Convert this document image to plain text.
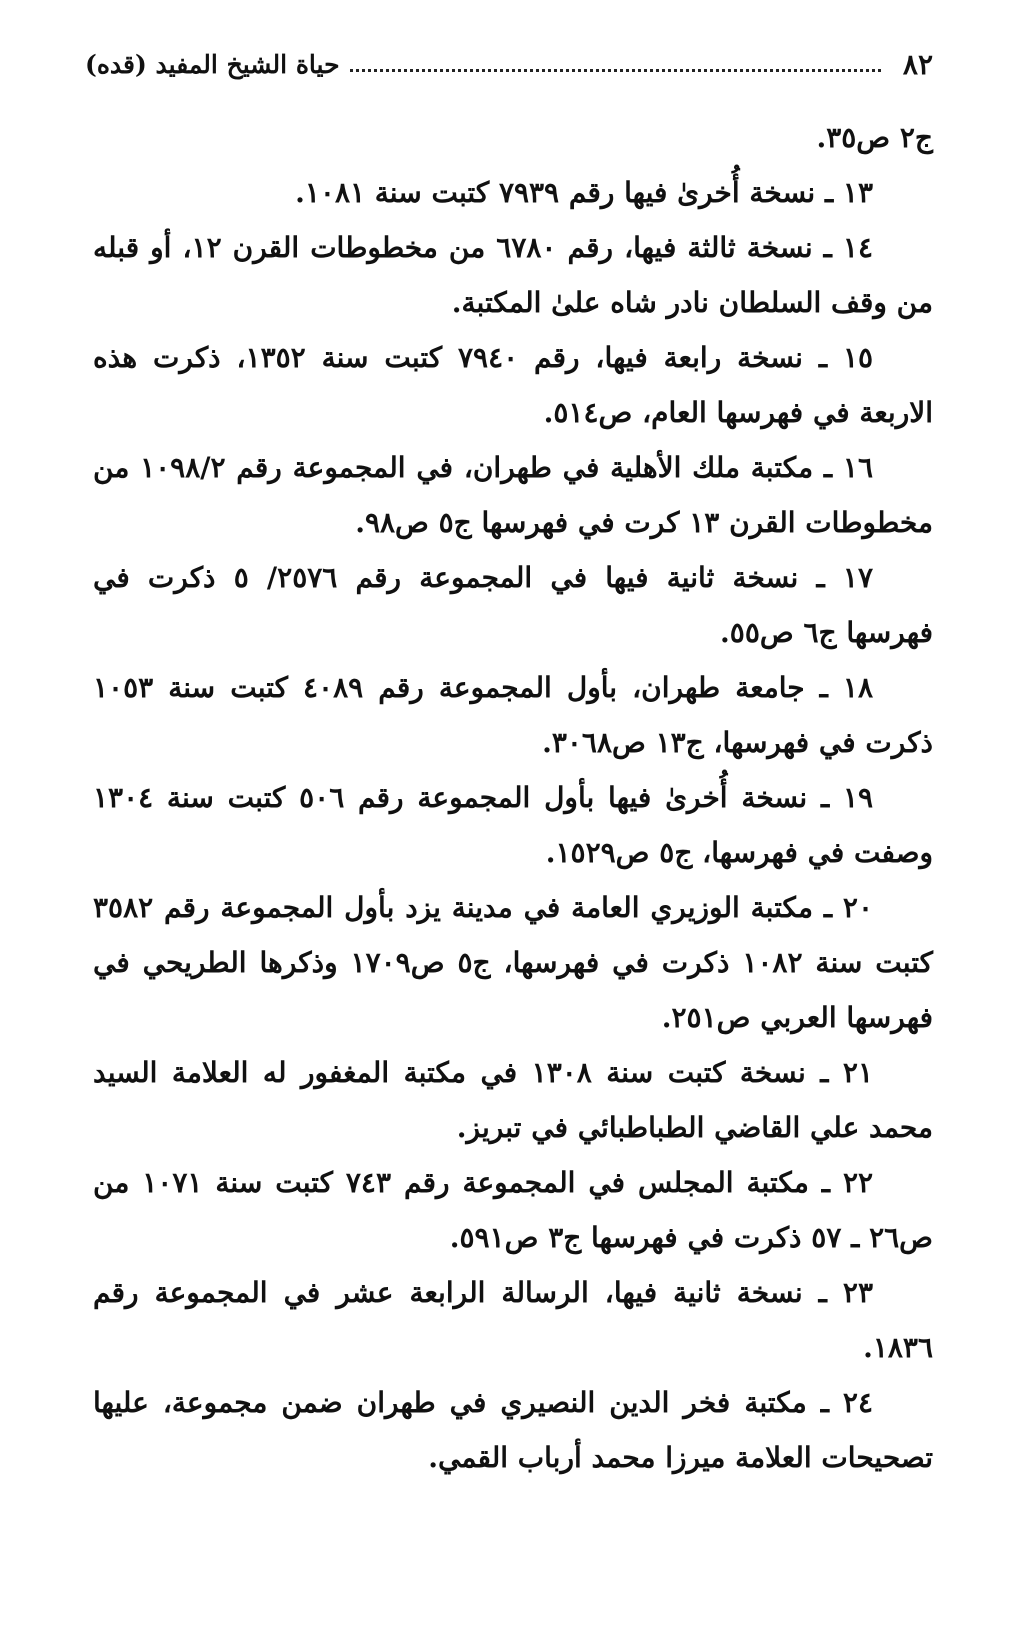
٨٢
حياة الشيخ المفيد (قده)

ج٢ ص٣٥.

١٣ ـ نسخة أُخرىٰ فيها رقم ٧٩٣٩ كتبت سنة ١٠٨١.

١٤ ـ نسخة ثالثة فيها، رقم ٦٧٨٠ من مخطوطات القرن ١٢، أو قبله من وقف السلطان نادر شاه علىٰ المكتبة.

١٥ ـ نسخة رابعة فيها، رقم ٧٩٤٠ كتبت سنة ١٣٥٢، ذكرت هذه الاربعة في فهرسها العام، ص٥١٤.

١٦ ـ مكتبة ملك الأهلية في طهران، في المجموعة رقم ١٠٩٨/٢ من مخطوطات القرن ١٣ كرت في فهرسها ج٥ ص٩٨.

١٧ ـ نسخة ثانية فيها في المجموعة رقم ٢٥٧٦/ ٥ ذكرت في فهرسها ج٦ ص٥٥.

١٨ ـ جامعة طهران، بأول المجموعة رقم ٤٠٨٩ كتبت سنة ١٠٥٣ ذكرت في فهرسها، ج١٣ ص٣٠٦٨.

١٩ ـ نسخة أُخرىٰ فيها بأول المجموعة رقم ٥٠٦ كتبت سنة ١٣٠٤ وصفت في فهرسها، ج٥ ص١٥٢٩.

٢٠ ـ مكتبة الوزيري العامة في مدينة يزد بأول المجموعة رقم ٣٥٨٢ كتبت سنة ١٠٨٢ ذكرت في فهرسها، ج٥ ص١٧٠٩ وذكرها الطريحي في فهرسها العربي ص٢٥١.

٢١ ـ نسخة كتبت سنة ١٣٠٨ في مكتبة المغفور له العلامة السيد محمد علي القاضي الطباطبائي في تبريز.

٢٢ ـ مكتبة المجلس في المجموعة رقم ٧٤٣ كتبت سنة ١٠٧١ من ص٢٦ ـ ٥٧ ذكرت في فهرسها ج٣ ص٥٩١.

٢٣ ـ نسخة ثانية فيها، الرسالة الرابعة عشر في المجموعة رقم ١٨٣٦.

٢٤ ـ مكتبة فخر الدين النصيري في طهران ضمن مجموعة، عليها تصحيحات العلامة ميرزا محمد أرباب القمي.
